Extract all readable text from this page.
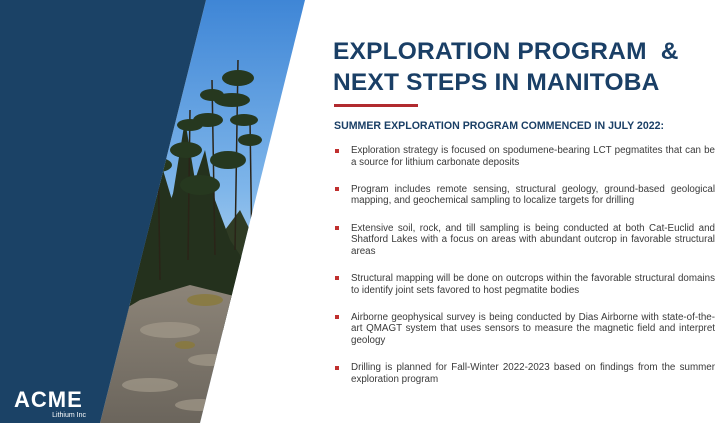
ACME
Lithium Inc
EXPLORATION PROGRAM  &
NEXT STEPS IN MANITOBA
SUMMER EXPLORATION PROGRAM COMMENCED IN JULY 2022:
Exploration strategy is focused on spodumene-bearing LCT pegmatites that can be a source for lithium carbonate deposits
Program includes remote sensing, structural geology, ground-based geological mapping, and geochemical sampling to localize targets for drilling
Extensive soil, rock, and till sampling is being conducted at both Cat-Euclid and Shatford Lakes with a focus on areas with abundant outcrop in favorable structural areas
Structural mapping will be done on outcrops within the favorable structural domains to identify joint sets favored to host pegmatite bodies
Airborne geophysical survey is being conducted by Dias Airborne with state-of-the-art QMAGT system that uses sensors to measure the magnetic field and interpret geology
Drilling is planned for Fall-Winter 2022-2023 based on findings from the summer exploration program
